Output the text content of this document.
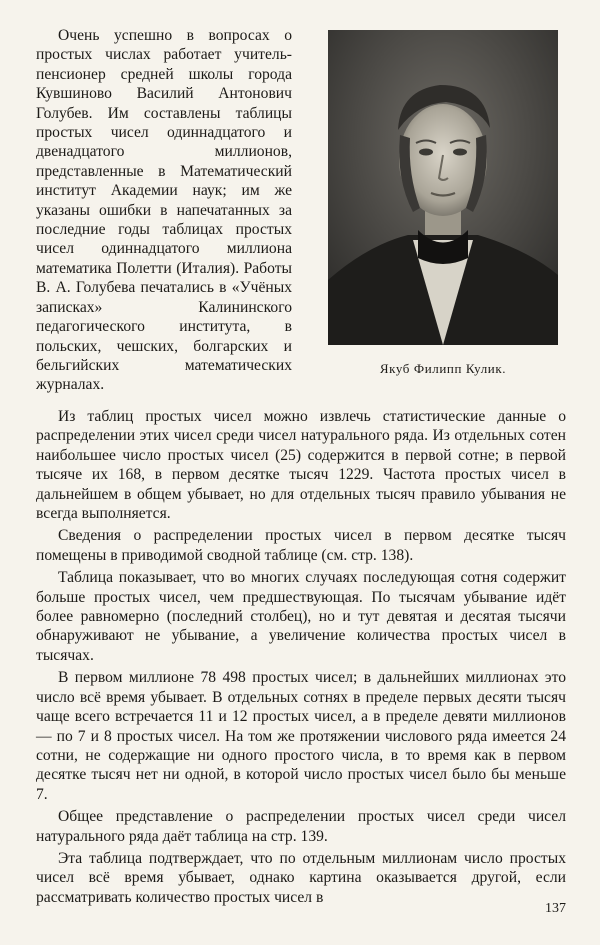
Очень успешно в вопросах о простых числах работает учитель-пенсионер средней школы города Кувшиново Василий Антонович Голубев. Им составлены таблицы простых чисел одиннадцатого и двенадцатого миллионов, представленные в Математический институт Академии наук; им же указаны ошибки в напечатанных за последние годы таблицах простых чисел одиннадцатого миллиона математика Полетти (Италия). Работы В. А. Голубева печатались в «Учёных записках» Калининского педагогического института, в польских, чешских, болгарских и бельгийских математических журналах.

Якуб Филипп Кулик.

Из таблиц простых чисел можно извлечь статистические данные о распределении этих чисел среди чисел натурального ряда. Из отдельных сотен наибольшее число простых чисел (25) содержится в первой сотне; в первой тысяче их 168, в первом десятке тысяч 1229. Частота простых чисел в дальнейшем в общем убывает, но для отдельных тысяч правило убывания не всегда выполняется.

Сведения о распределении простых чисел в первом десятке тысяч помещены в приводимой сводной таблице (см. стр. 138).

Таблица показывает, что во многих случаях последующая сотня содержит больше простых чисел, чем предшествующая. По тысячам убывание идёт более равномерно (последний столбец), но и тут девятая и десятая тысячи обнаруживают не убывание, а увеличение количества простых чисел в тысячах.

В первом миллионе 78 498 простых чисел; в дальнейших миллионах это число всё время убывает. В отдельных сотнях в пределе первых десяти тысяч чаще всего встречается 11 и 12 простых чисел, а в пределе девяти миллионов — по 7 и 8 простых чисел. На том же протяжении числового ряда имеется 24 сотни, не содержащие ни одного простого числа, в то время как в первом десятке тысяч нет ни одной, в которой число простых чисел было бы меньше 7.

Общее представление о распределении простых чисел среди чисел натурального ряда даёт таблица на стр. 139.

Эта таблица подтверждает, что по отдельным миллионам число простых чисел всё время убывает, однако картина оказывается другой, если рассматривать количество простых чисел в

137
